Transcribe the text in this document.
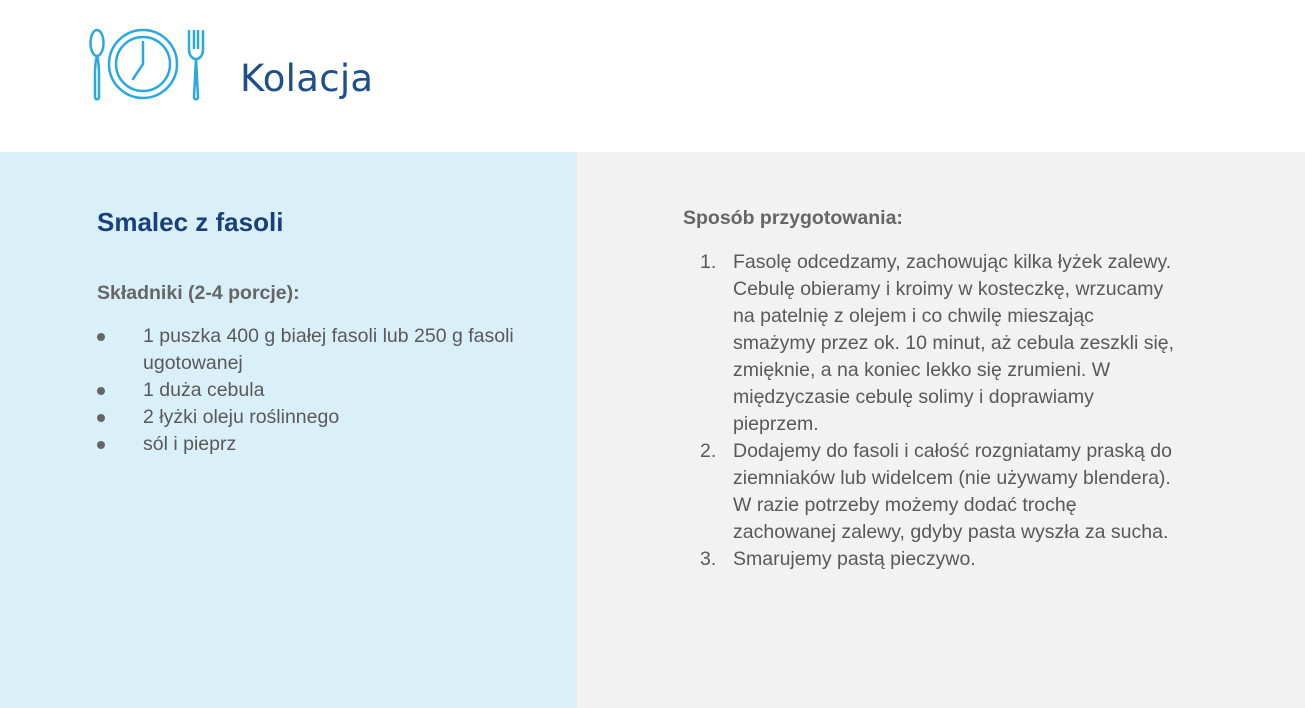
Kolacja
Smalec z fasoli
Składniki (2-4 porcje):
1 puszka 400 g białej fasoli lub 250 g fasoli ugotowanej
1 duża cebula
2 łyżki oleju roślinnego
sól i pieprz
Sposób przygotowania:
1. Fasolę odcedzamy, zachowując kilka łyżek zalewy. Cebulę obieramy i kroimy w kosteczkę, wrzucamy na patelnię z olejem i co chwilę mieszając smażymy przez ok. 10 minut, aż cebula zeszkli się, zmięknie, a na koniec lekko się zrumieni. W międzyczasie cebulę solimy i doprawiamy pieprzem.
2. Dodajemy do fasoli i całość rozgniatamy praską do ziemniaków lub widelcem (nie używamy blendera). W razie potrzeby możemy dodać trochę zachowanej zalewy, gdyby pasta wyszła za sucha.
3. Smarujemy pastą pieczywo.
